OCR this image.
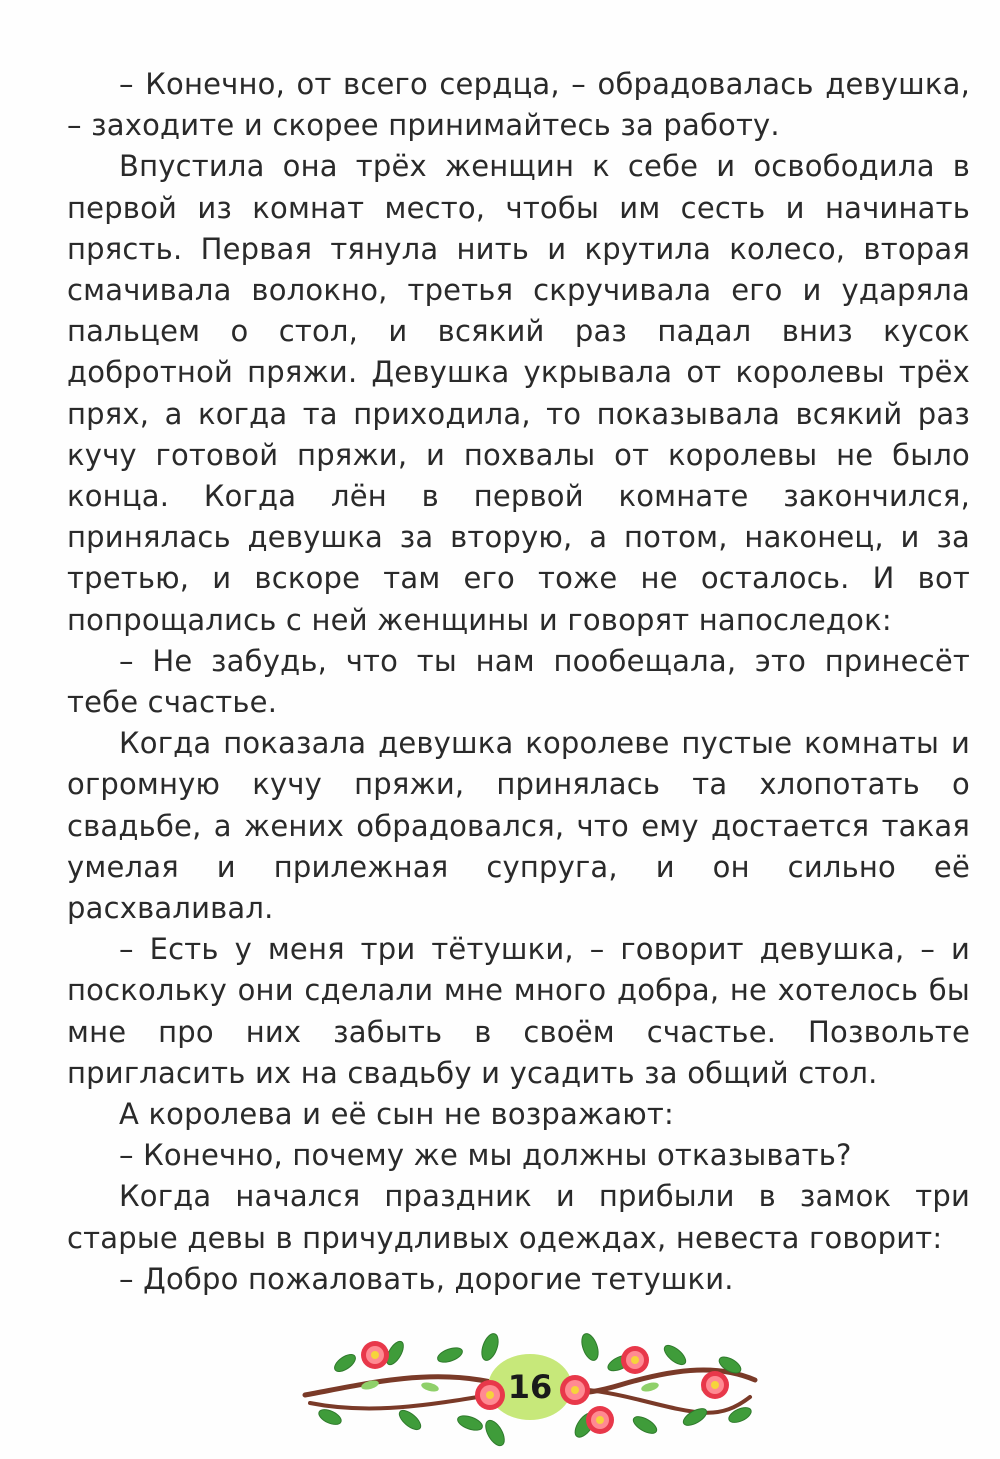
– Конечно, от всего сердца, – обрадовалась девушка, – заходите и скорее принимайтесь за работу.

Впустила она трёх женщин к себе и освободила в первой из комнат место, чтобы им сесть и начинать прясть. Первая тянула нить и крутила колесо, вторая смачивала волокно, третья скручивала его и ударяла пальцем о стол, и всякий раз падал вниз кусок добротной пряжи. Девушка укрывала от королевы трёх прях, а когда та приходила, то показывала всякий раз кучу готовой пряжи, и похвалы от королевы не было конца. Когда лён в первой комнате закончился, принялась девушка за вторую, а потом, наконец, и за третью, и вскоре там его тоже не осталось. И вот попрощались с ней женщины и говорят напоследок:

– Не забудь, что ты нам пообещала, это принесёт тебе счастье.

Когда показала девушка королеве пустые комнаты и огромную кучу пряжи, принялась та хлопотать о свадьбе, а жених обрадовался, что ему достается такая умелая и прилежная супруга, и он сильно её расхваливал.

– Есть у меня три тётушки, – говорит девушка, – и поскольку они сделали мне много добра, не хотелось бы мне про них забыть в своём счастье. Позвольте пригласить их на свадьбу и усадить за общий стол.

А королева и её сын не возражают:

– Конечно, почему же мы должны отказывать?

Когда начался праздник и прибыли в замок три старые девы в причудливых одеждах, невеста говорит:

– Добро пожаловать, дорогие тетушки.

16
